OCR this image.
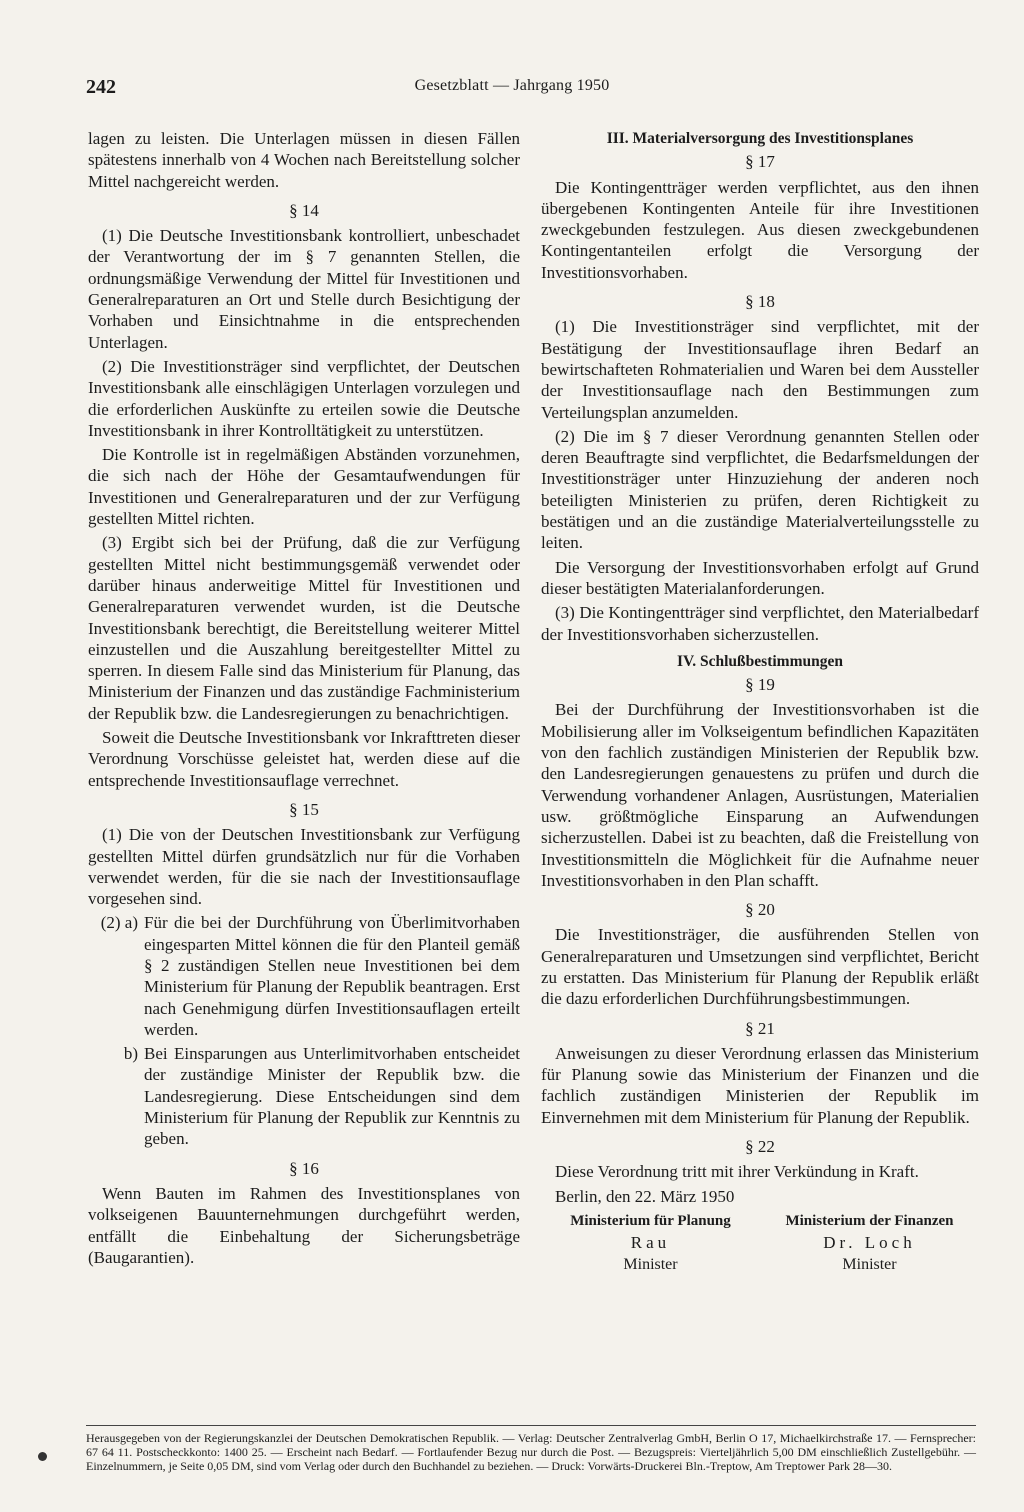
242	Gesetzblatt — Jahrgang 1950

lagen zu leisten. Die Unterlagen müssen in diesen Fällen spätestens innerhalb von 4 Wochen nach Bereitstellung solcher Mittel nachgereicht werden.

§ 14

(1) Die Deutsche Investitionsbank kontrolliert, unbeschadet der Verantwortung der im § 7 genannten Stellen, die ordnungsmäßige Verwendung der Mittel für Investitionen und Generalreparaturen an Ort und Stelle durch Besichtigung der Vorhaben und Einsichtnahme in die entsprechenden Unterlagen.

(2) Die Investitionsträger sind verpflichtet, der Deutschen Investitionsbank alle einschlägigen Unterlagen vorzulegen und die erforderlichen Auskünfte zu erteilen sowie die Deutsche Investitionsbank in ihrer Kontrolltätigkeit zu unterstützen.

Die Kontrolle ist in regelmäßigen Abständen vorzunehmen, die sich nach der Höhe der Gesamtaufwendungen für Investitionen und Generalreparaturen und der zur Verfügung gestellten Mittel richten.

(3) Ergibt sich bei der Prüfung, daß die zur Verfügung gestellten Mittel nicht bestimmungsgemäß verwendet oder darüber hinaus anderweitige Mittel für Investitionen und Generalreparaturen verwendet wurden, ist die Deutsche Investitionsbank berechtigt, die Bereitstellung weiterer Mittel einzustellen und die Auszahlung bereitgestellter Mittel zu sperren. In diesem Falle sind das Ministerium für Planung, das Ministerium der Finanzen und das zuständige Fachministerium der Republik bzw. die Landesregierungen zu benachrichtigen.

Soweit die Deutsche Investitionsbank vor Inkrafttreten dieser Verordnung Vorschüsse geleistet hat, werden diese auf die entsprechende Investitionsauflage verrechnet.

§ 15

(1) Die von der Deutschen Investitionsbank zur Verfügung gestellten Mittel dürfen grundsätzlich nur für die Vorhaben verwendet werden, für die sie nach der Investitionsauflage vorgesehen sind.

(2) a) Für die bei der Durchführung von Überlimitvorhaben eingesparten Mittel können die für den Planteil gemäß § 2 zuständigen Stellen neue Investitionen bei dem Ministerium für Planung der Republik beantragen. Erst nach Genehmigung dürfen Investitionsauflagen erteilt werden.
b) Bei Einsparungen aus Unterlimitvorhaben entscheidet der zuständige Minister der Republik bzw. die Landesregierung. Diese Entscheidungen sind dem Ministerium für Planung der Republik zur Kenntnis zu geben.
§ 16

Wenn Bauten im Rahmen des Investitionsplanes von volkseigenen Bauunternehmungen durchgeführt werden, entfällt die Einbehaltung der Sicherungsbeträge (Baugarantien).

III. Materialversorgung des Investitionsplanes
§ 17

Die Kontingentträger werden verpflichtet, aus den ihnen übergebenen Kontingenten Anteile für ihre Investitionen zweckgebunden festzulegen. Aus diesen zweckgebundenen Kontingentanteilen erfolgt die Versorgung der Investitionsvorhaben.

§ 18

(1) Die Investitionsträger sind verpflichtet, mit der Bestätigung der Investitionsauflage ihren Bedarf an bewirtschafteten Rohmaterialien und Waren bei dem Aussteller der Investitionsauflage nach den Bestimmungen zum Verteilungsplan anzumelden.

(2) Die im § 7 dieser Verordnung genannten Stellen oder deren Beauftragte sind verpflichtet, die Bedarfsmeldungen der Investitionsträger unter Hinzuziehung der anderen noch beteiligten Ministerien zu prüfen, deren Richtigkeit zu bestätigen und an die zuständige Materialverteilungsstelle zu leiten.

Die Versorgung der Investitionsvorhaben erfolgt auf Grund dieser bestätigten Materialanforderungen.

(3) Die Kontingentträger sind verpflichtet, den Materialbedarf der Investitionsvorhaben sicherzustellen.

IV. Schlußbestimmungen
§ 19

Bei der Durchführung der Investitionsvorhaben ist die Mobilisierung aller im Volkseigentum befindlichen Kapazitäten von den fachlich zuständigen Ministerien der Republik bzw. den Landesregierungen genauestens zu prüfen und durch die Verwendung vorhandener Anlagen, Ausrüstungen, Materialien usw. größtmögliche Einsparung an Aufwendungen sicherzustellen. Dabei ist zu beachten, daß die Freistellung von Investitionsmitteln die Möglichkeit für die Aufnahme neuer Investitionsvorhaben in den Plan schafft.

§ 20

Die Investitionsträger, die ausführenden Stellen von Generalreparaturen und Umsetzungen sind verpflichtet, Bericht zu erstatten. Das Ministerium für Planung der Republik erläßt die dazu erforderlichen Durchführungsbestimmungen.

§ 21

Anweisungen zu dieser Verordnung erlassen das Ministerium für Planung sowie das Ministerium der Finanzen und die fachlich zuständigen Ministerien der Republik im Einvernehmen mit dem Ministerium für Planung der Republik.

§ 22

Diese Verordnung tritt mit ihrer Verkündung in Kraft.

Berlin, den 22. März 1950

Ministerium für Planung
Rau
Minister
Ministerium der Finanzen
Dr. Loch
Minister
Herausgegeben von der Regierungskanzlei der Deutschen Demokratischen Republik. — Verlag: Deutscher Zentralverlag GmbH, Berlin O 17, Michaelkirchstraße 17. — Fernsprecher: 67 64 11. Postscheckkonto: 1400 25. — Erscheint nach Bedarf. — Fortlaufender Bezug nur durch die Post. — Bezugspreis: Vierteljährlich 5,00 DM einschließlich Zustellgebühr. — Einzelnummern, je Seite 0,05 DM, sind vom Verlag oder durch den Buchhandel zu beziehen. — Druck: Vorwärts-Druckerei Bln.-Treptow, Am Treptower Park 28—30.
